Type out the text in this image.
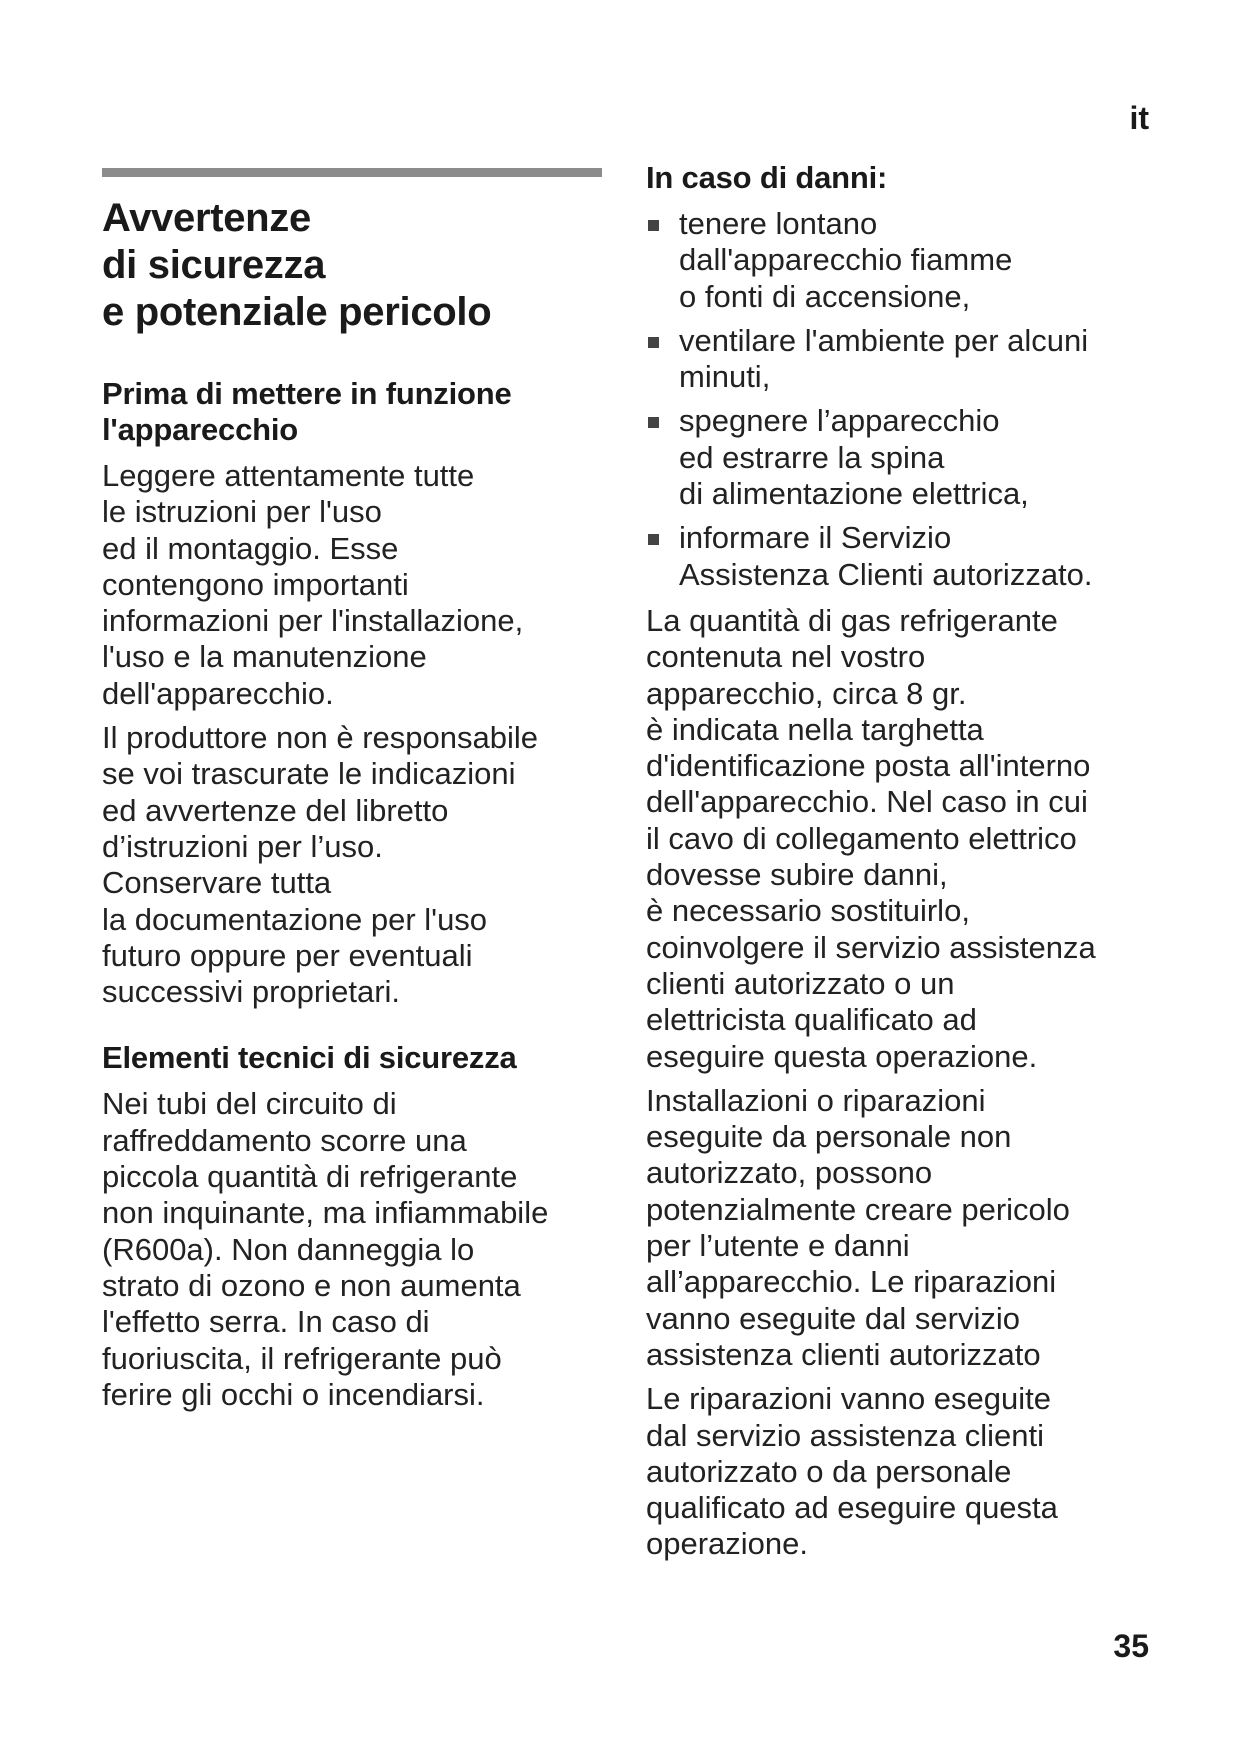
it
Avvertenze
di sicurezza
e potenziale pericolo
Prima di mettere in funzione
l'apparecchio

Leggere attentamente tutte
le istruzioni per l'uso
ed il montaggio. Esse
contengono importanti
informazioni per l'installazione,
l'uso e la manutenzione
dell'apparecchio.

Il produttore non è responsabile
se voi trascurate le indicazioni
ed avvertenze del libretto
d’istruzioni per l’uso.
Conservare tutta
la documentazione per l'uso
futuro oppure per eventuali
successivi proprietari.

Elementi tecnici di sicurezza

Nei tubi del circuito di
raffreddamento scorre una
piccola quantità di refrigerante
non inquinante, ma infiammabile
(R600a). Non danneggia lo
strato di ozono e non aumenta
l'effetto serra. In caso di
fuoriuscita, il refrigerante può
ferire gli occhi o incendiarsi.

In caso di danni:
tenere lontano
dall'apparecchio fiamme
o fonti di accensione,
ventilare l'ambiente per alcuni
minuti,
spegnere l’apparecchio
ed estrarre la spina
di alimentazione elettrica,
informare il Servizio
Assistenza Clienti autorizzato.

La quantità di gas refrigerante
contenuta nel vostro
apparecchio, circa 8 gr.
è indicata nella targhetta
d'identificazione posta all'interno
dell'apparecchio. Nel caso in cui
il cavo di collegamento elettrico
dovesse subire danni,
è necessario sostituirlo,
coinvolgere il servizio assistenza
clienti autorizzato o un
elettricista qualificato ad
eseguire questa operazione.

Installazioni o riparazioni
eseguite da personale non
autorizzato, possono
potenzialmente creare pericolo
per l’utente e danni
all’apparecchio. Le riparazioni
vanno eseguite dal servizio
assistenza clienti autorizzato

Le riparazioni vanno eseguite
dal servizio assistenza clienti
autorizzato o da personale
qualificato ad eseguire questa
operazione.

35
